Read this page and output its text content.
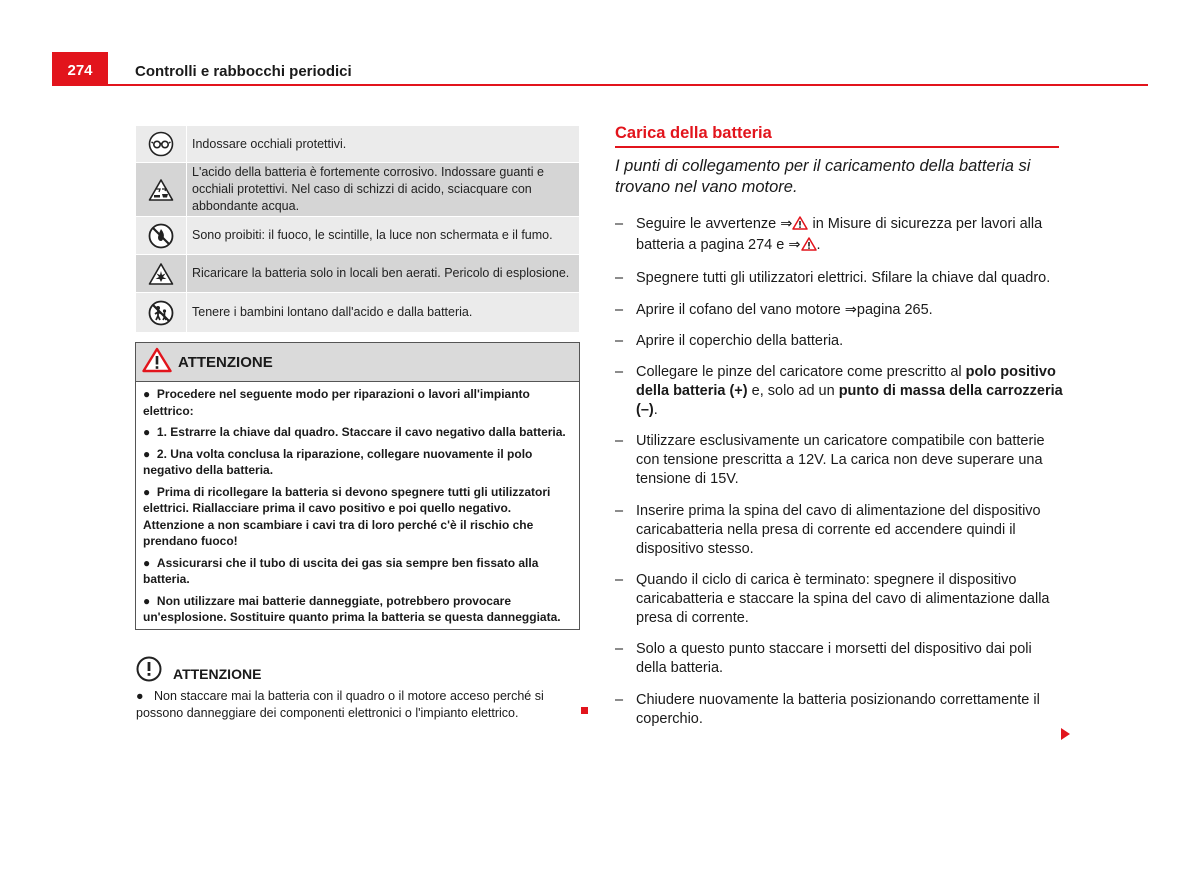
274	Controlli e rabbocchi periodici
Indossare occhiali protettivi.
L'acido della batteria è fortemente corrosivo. Indossare guanti e occhiali protettivi. Nel caso di schizzi di acido, sciacquare con abbondante acqua.
Sono proibiti: il fuoco, le scintille, la luce non schermata e il fumo.
Ricaricare la batteria solo in locali ben aerati. Pericolo di esplosione.
Tenere i bambini lontano dall'acido e dalla batteria.
ATTENZIONE
●  Procedere nel seguente modo per riparazioni o lavori all'impianto elettrico:
●  1. Estrarre la chiave dal quadro. Staccare il cavo negativo dalla batteria.
●  2. Una volta conclusa la riparazione, collegare nuovamente il polo negativo della batteria.
●  Prima di ricollegare la batteria si devono spegnere tutti gli utilizzatori elettrici. Riallacciare prima il cavo positivo e poi quello negativo. Attenzione a non scambiare i cavi tra di loro perché c'è il rischio che prendano fuoco!
●  Assicurarsi che il tubo di uscita dei gas sia sempre ben fissato alla batteria.
●  Non utilizzare mai batterie danneggiate, potrebbero provocare un'esplosione. Sostituire quanto prima la batteria se questa danneggiata.
ATTENZIONE
●   Non staccare mai la batteria con il quadro o il motore acceso perché si possono danneggiare dei componenti elettronici o l'impianto elettrico.
Carica della batteria
I punti di collegamento per il caricamento della batteria si trovano nel vano motore.
– Seguire le avvertenze ⇒ in Misure di sicurezza per lavori alla batteria a pagina 274 e ⇒ .
– Spegnere tutti gli utilizzatori elettrici. Sfilare la chiave dal quadro.
– Aprire il cofano del vano motore ⇒pagina 265.
– Aprire il coperchio della batteria.
– Collegare le pinze del caricatore come prescritto al polo positivo della batteria (+) e, solo ad un punto di massa della carrozzeria (–).
– Utilizzare esclusivamente un caricatore compatibile con batterie con tensione prescritta a 12V. La carica non deve superare una tensione di 15V.
– Inserire prima la spina del cavo di alimentazione del dispositivo caricabatteria nella presa di corrente ed accendere quindi il dispositivo stesso.
– Quando il ciclo di carica è terminato: spegnere il dispositivo caricabatteria e staccare la spina del cavo di alimentazione dalla presa di corrente.
– Solo a questo punto staccare i morsetti del dispositivo dai poli della batteria.
– Chiudere nuovamente la batteria posizionando correttamente il coperchio.
